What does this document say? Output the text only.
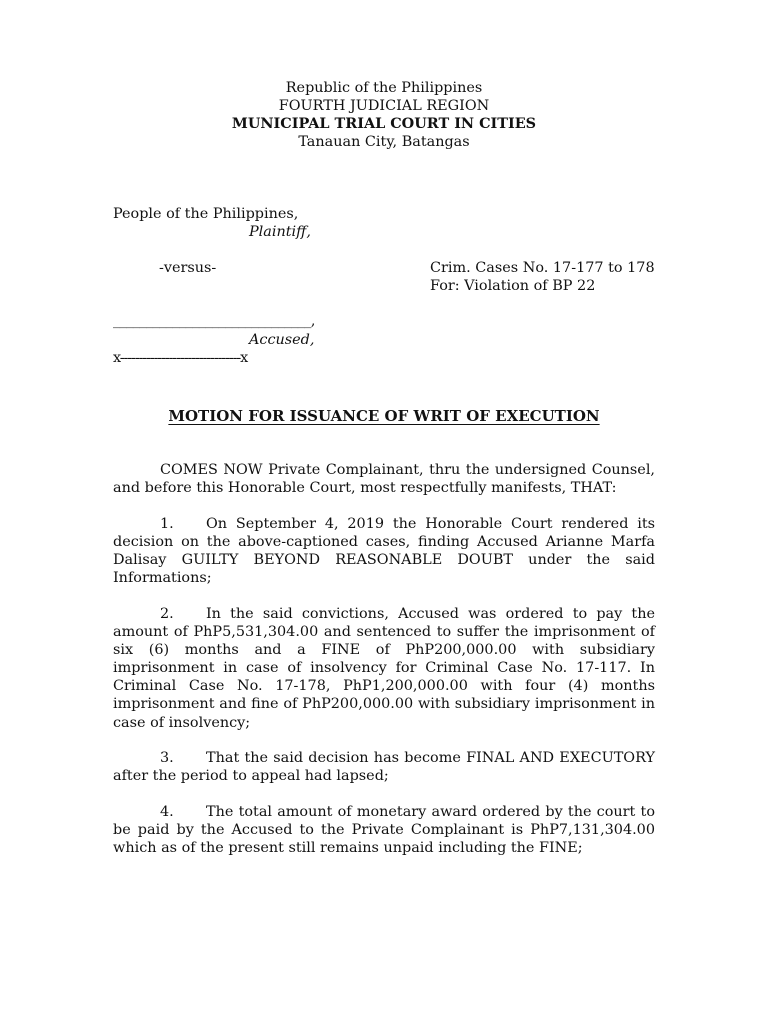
Republic of the Philippines
FOURTH JUDICIAL REGION
MUNICIPAL TRIAL COURT IN CITIES
Tanauan City, Batangas
People of the Philippines,
Plaintiff,
-versus-	Crim. Cases No. 17-177 to 178
For: Violation of BP 22
______________________________,
Accused,
x--------------------------------x
MOTION FOR ISSUANCE OF WRIT OF EXECUTION
COMES NOW Private Complainant, thru the undersigned Counsel, and before this Honorable Court, most respectfully manifests, THAT:
1. On September 4, 2019 the Honorable Court rendered its decision on the above-captioned cases, finding Accused Arianne Marfa Dalisay GUILTY BEYOND REASONABLE DOUBT under the said Informations;
2. In the said convictions, Accused was ordered to pay the amount of PhP5,531,304.00 and sentenced to suffer the imprisonment of six (6) months and a FINE of PhP200,000.00 with subsidiary imprisonment in case of insolvency for Criminal Case No. 17-117. In Criminal Case No. 17-178, PhP1,200,000.00 with four (4) months imprisonment and fine of PhP200,000.00 with subsidiary imprisonment in case of insolvency;
3. That the said decision has become FINAL AND EXECUTORY after the period to appeal had lapsed;
4. The total amount of monetary award ordered by the court to be paid by the Accused to the Private Complainant is PhP7,131,304.00 which as of the present still remains unpaid including the FINE;
